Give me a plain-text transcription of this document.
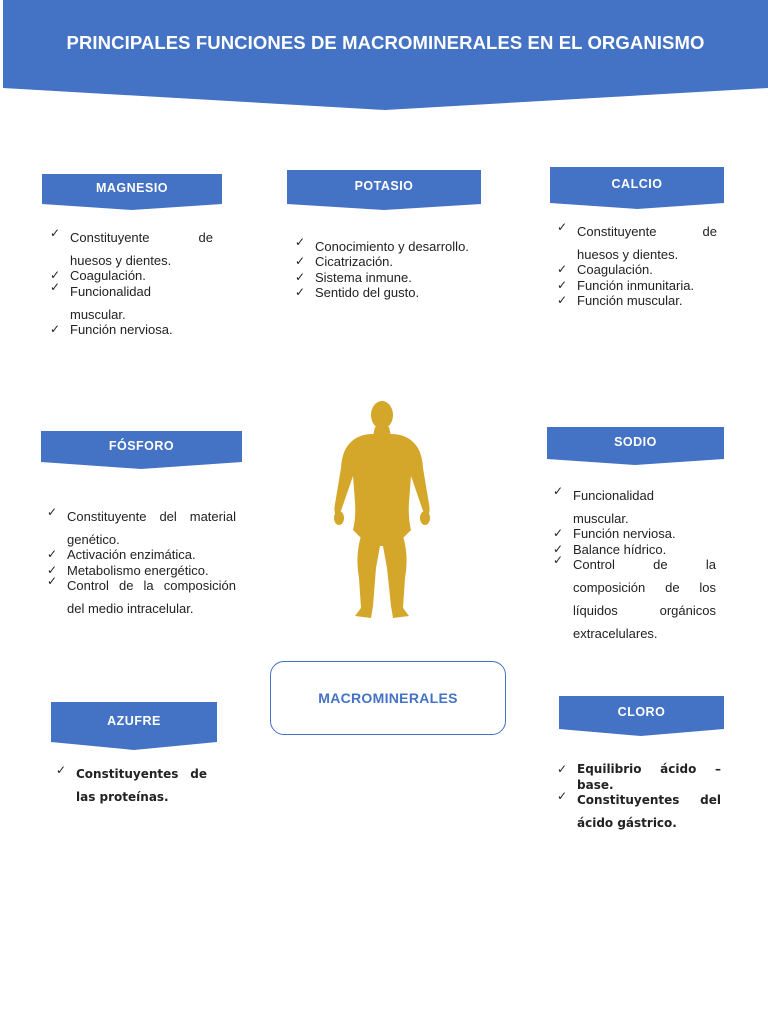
PRINCIPALES FUNCIONES DE MACROMINERALES EN EL ORGANISMO
MAGNESIO
✓ Constituyente de huesos y dientes.
✓ Coagulación.
✓ Funcionalidad muscular.
✓ Función nerviosa.
POTASIO
✓ Conocimiento y desarrollo.
✓ Cicatrización.
✓ Sistema inmune.
✓ Sentido del gusto.
CALCIO
✓ Constituyente de huesos y dientes.
✓ Coagulación.
✓ Función inmunitaria.
✓ Función muscular.
FÓSFORO
✓ Constituyente del material genético.
✓ Activación enzimática.
✓ Metabolismo energético.
✓ Control de la composición del medio intracelular.
SODIO
✓ Funcionalidad muscular.
✓ Función nerviosa.
✓ Balance hídrico.
✓ Control de la composición de los líquidos orgánicos extracelulares.
MACROMINERALES
AZUFRE
✓ Constituyentes de las proteínas.
CLORO
✓ Equilibrio ácido – base.
✓ Constituyentes del ácido gástrico.
